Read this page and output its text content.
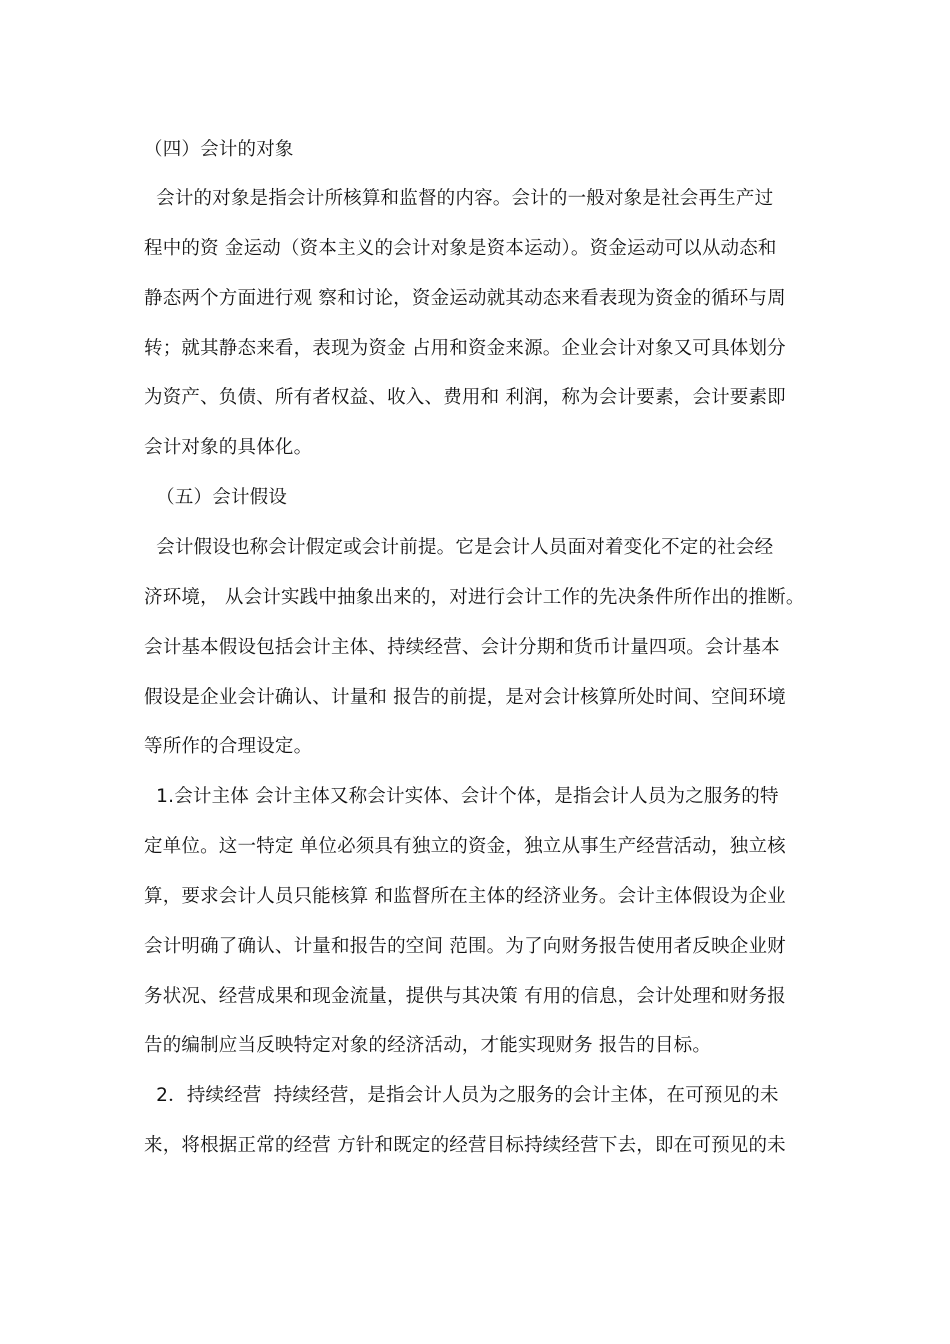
（四）会计的对象
会计的对象是指会计所核算和监督的内容。会计的一般对象是社会再生产过
程中的资 金运动（资本主义的会计对象是资本运动）。资金运动可以从动态和
静态两个方面进行观 察和讨论，资金运动就其动态来看表现为资金的循环与周
转；就其静态来看，表现为资金 占用和资金来源。企业会计对象又可具体划分
为资产、负债、所有者权益、收入、费用和 利润，称为会计要素，会计要素即
会计对象的具体化。
（五）会计假设
会计假设也称会计假定或会计前提。它是会计人员面对着变化不定的社会经
济环境， 从会计实践中抽象出来的，对进行会计工作的先决条件所作出的推断。
会计基本假设包括会计主体、持续经营、会计分期和货币计量四项。会计基本
假设是企业会计确认、计量和 报告的前提，是对会计核算所处时间、空间环境
等所作的合理设定。
1.会计主体 会计主体又称会计实体、会计个体，是指会计人员为之服务的特
定单位。这一特定 单位必须具有独立的资金，独立从事生产经营活动，独立核
算，要求会计人员只能核算 和监督所在主体的经济业务。会计主体假设为企业
会计明确了确认、计量和报告的空间 范围。为了向财务报告使用者反映企业财
务状况、经营成果和现金流量，提供与其决策 有用的信息，会计处理和财务报
告的编制应当反映特定对象的经济活动，才能实现财务 报告的目标。
2．持续经营  持续经营，是指会计人员为之服务的会计主体，在可预见的未
来，将根据正常的经营 方针和既定的经营目标持续经营下去，即在可预见的未
